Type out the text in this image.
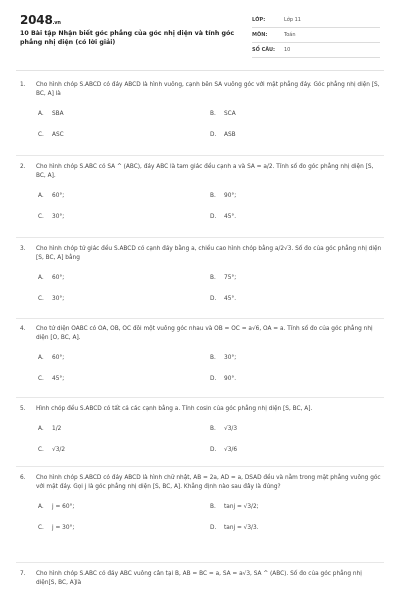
2048.vn
10 Bài tập Nhận biết góc phẳng của góc nhị diện và tính góc phẳng nhị diện (có lời giải)
LỚP:	Lớp 11
MÔN:	Toán
SỐ CÂU:	10
1.	Cho hình chóp S.ABCD có đáy ABCD là hình vuông, cạnh bên SA vuông góc với mặt phẳng đáy. Góc phẳng nhị diện [S, BC, A] là
A.	SBA	B.	SCA
C.	ASC	D.	ASB
2.	Cho hình chóp S.ABC có SA ^ (ABC), đáy ABC là tam giác đều cạnh a và SA = a/2. Tính số đo góc phẳng nhị diện [S, BC, A].
A.	60°;	B.	90°;
C.	30°;	D.	45°.
3.	Cho hình chóp tứ giác đều S.ABCD có cạnh đáy bằng a, chiều cao hình chóp bằng a/2√3. Số đo của góc phẳng nhị diện [S, BC, A] bằng
A.	60°;	B.	75°;
C.	30°;	D.	45°.
4.	Cho tứ diện OABC có OA, OB, OC đôi một vuông góc nhau và OB = OC = a√6, OA = a. Tính số đo của góc phẳng nhị diện [O, BC, A].
A.	60°;	B.	30°;
C.	45°;	D.	90°.
5.	Hình chóp đều S.ABCD có tất cả các cạnh bằng a. Tính cosin của góc phẳng nhị diện [S, BC, A].
A.	1/2	B.	√3/3
C.	√3/2	D.	√3/6
6.	Cho hình chóp S.ABCD có đáy ABCD là hình chữ nhật, AB = 2a, AD = a, DSAD đều và nằm trong mặt phẳng vuông góc với mặt đáy. Gọi j là góc phẳng nhị diện [S, BC, A]. Khẳng định nào sau đây là đúng?
A.	j = 60°;	B.	tanj = √3/2;
C.	j = 30°;	D.	tanj = √3/3.
7.	Cho hình chóp S.ABC có đáy ABC vuông cân tại B, AB = BC = a, SA = a√3, SA ^ (ABC). Số đo của góc phẳng nhị diện[S, BC, A]là
